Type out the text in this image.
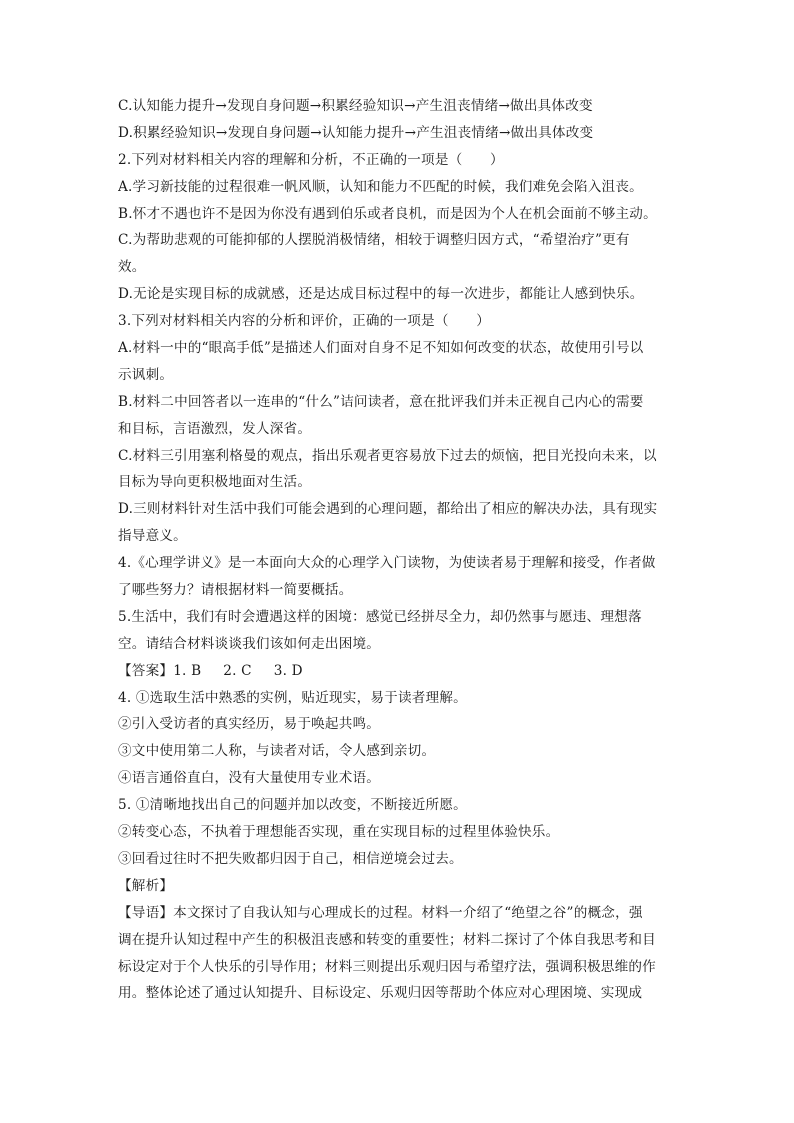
C.认知能力提升→发现自身问题→积累经验知识→产生沮丧情绪→做出具体改变
D.积累经验知识→发现自身问题→认知能力提升→产生沮丧情绪→做出具体改变
2.下列对材料相关内容的理解和分析，不正确的一项是（　　）
A.学习新技能的过程很难一帆风顺，认知和能力不匹配的时候，我们难免会陷入沮丧。
B.怀才不遇也许不是因为你没有遇到伯乐或者良机，而是因为个人在机会面前不够主动。
C.为帮助悲观的可能抑郁的人摆脱消极情绪，相较于调整归因方式，“希望治疗”更有
效。
D.无论是实现目标的成就感，还是达成目标过程中的每一次进步，都能让人感到快乐。
3.下列对材料相关内容的分析和评价，正确的一项是（　　）
A.材料一中的“眼高手低”是描述人们面对自身不足不知如何改变的状态，故使用引号以
示讽刺。
B.材料二中回答者以一连串的“什么”诘问读者，意在批评我们并未正视自己内心的需要
和目标，言语激烈，发人深省。
C.材料三引用塞利格曼的观点，指出乐观者更容易放下过去的烦恼，把目光投向未来，以
目标为导向更积极地面对生活。
D.三则材料针对生活中我们可能会遇到的心理问题，都给出了相应的解决办法，具有现实
指导意义。
4.《心理学讲义》是一本面向大众的心理学入门读物，为使读者易于理解和接受，作者做
了哪些努力？请根据材料一简要概括。
5.生活中，我们有时会遭遇这样的困境：感觉已经拼尽全力，却仍然事与愿违、理想落
空。请结合材料谈谈我们该如何走出困境。
【答案】1. B 2. C 3. D
4. ①选取生活中熟悉的实例，贴近现实，易于读者理解。
②引入受访者的真实经历，易于唤起共鸣。
③文中使用第二人称，与读者对话，令人感到亲切。
④语言通俗直白，没有大量使用专业术语。
5. ①清晰地找出自己的问题并加以改变，不断接近所愿。
②转变心态，不执着于理想能否实现，重在实现目标的过程里体验快乐。
③回看过往时不把失败都归因于自己，相信逆境会过去。
【解析】
【导语】本文探讨了自我认知与心理成长的过程。材料一介绍了“绝望之谷”的概念，强
调在提升认知过程中产生的积极沮丧感和转变的重要性；材料二探讨了个体自我思考和目
标设定对于个人快乐的引导作用；材料三则提出乐观归因与希望疗法，强调积极思维的作
用。整体论述了通过认知提升、目标设定、乐观归因等帮助个体应对心理困境、实现成
